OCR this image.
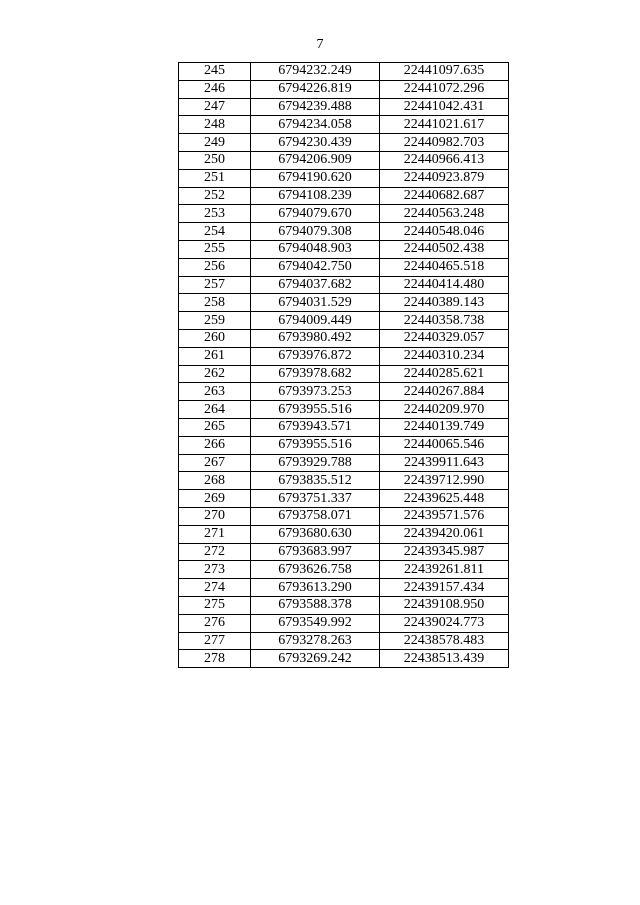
7
245	6794232.249	22441097.635
246	6794226.819	22441072.296
247	6794239.488	22441042.431
248	6794234.058	22441021.617
249	6794230.439	22440982.703
250	6794206.909	22440966.413
251	6794190.620	22440923.879
252	6794108.239	22440682.687
253	6794079.670	22440563.248
254	6794079.308	22440548.046
255	6794048.903	22440502.438
256	6794042.750	22440465.518
257	6794037.682	22440414.480
258	6794031.529	22440389.143
259	6794009.449	22440358.738
260	6793980.492	22440329.057
261	6793976.872	22440310.234
262	6793978.682	22440285.621
263	6793973.253	22440267.884
264	6793955.516	22440209.970
265	6793943.571	22440139.749
266	6793955.516	22440065.546
267	6793929.788	22439911.643
268	6793835.512	22439712.990
269	6793751.337	22439625.448
270	6793758.071	22439571.576
271	6793680.630	22439420.061
272	6793683.997	22439345.987
273	6793626.758	22439261.811
274	6793613.290	22439157.434
275	6793588.378	22439108.950
276	6793549.992	22439024.773
277	6793278.263	22438578.483
278	6793269.242	22438513.439
